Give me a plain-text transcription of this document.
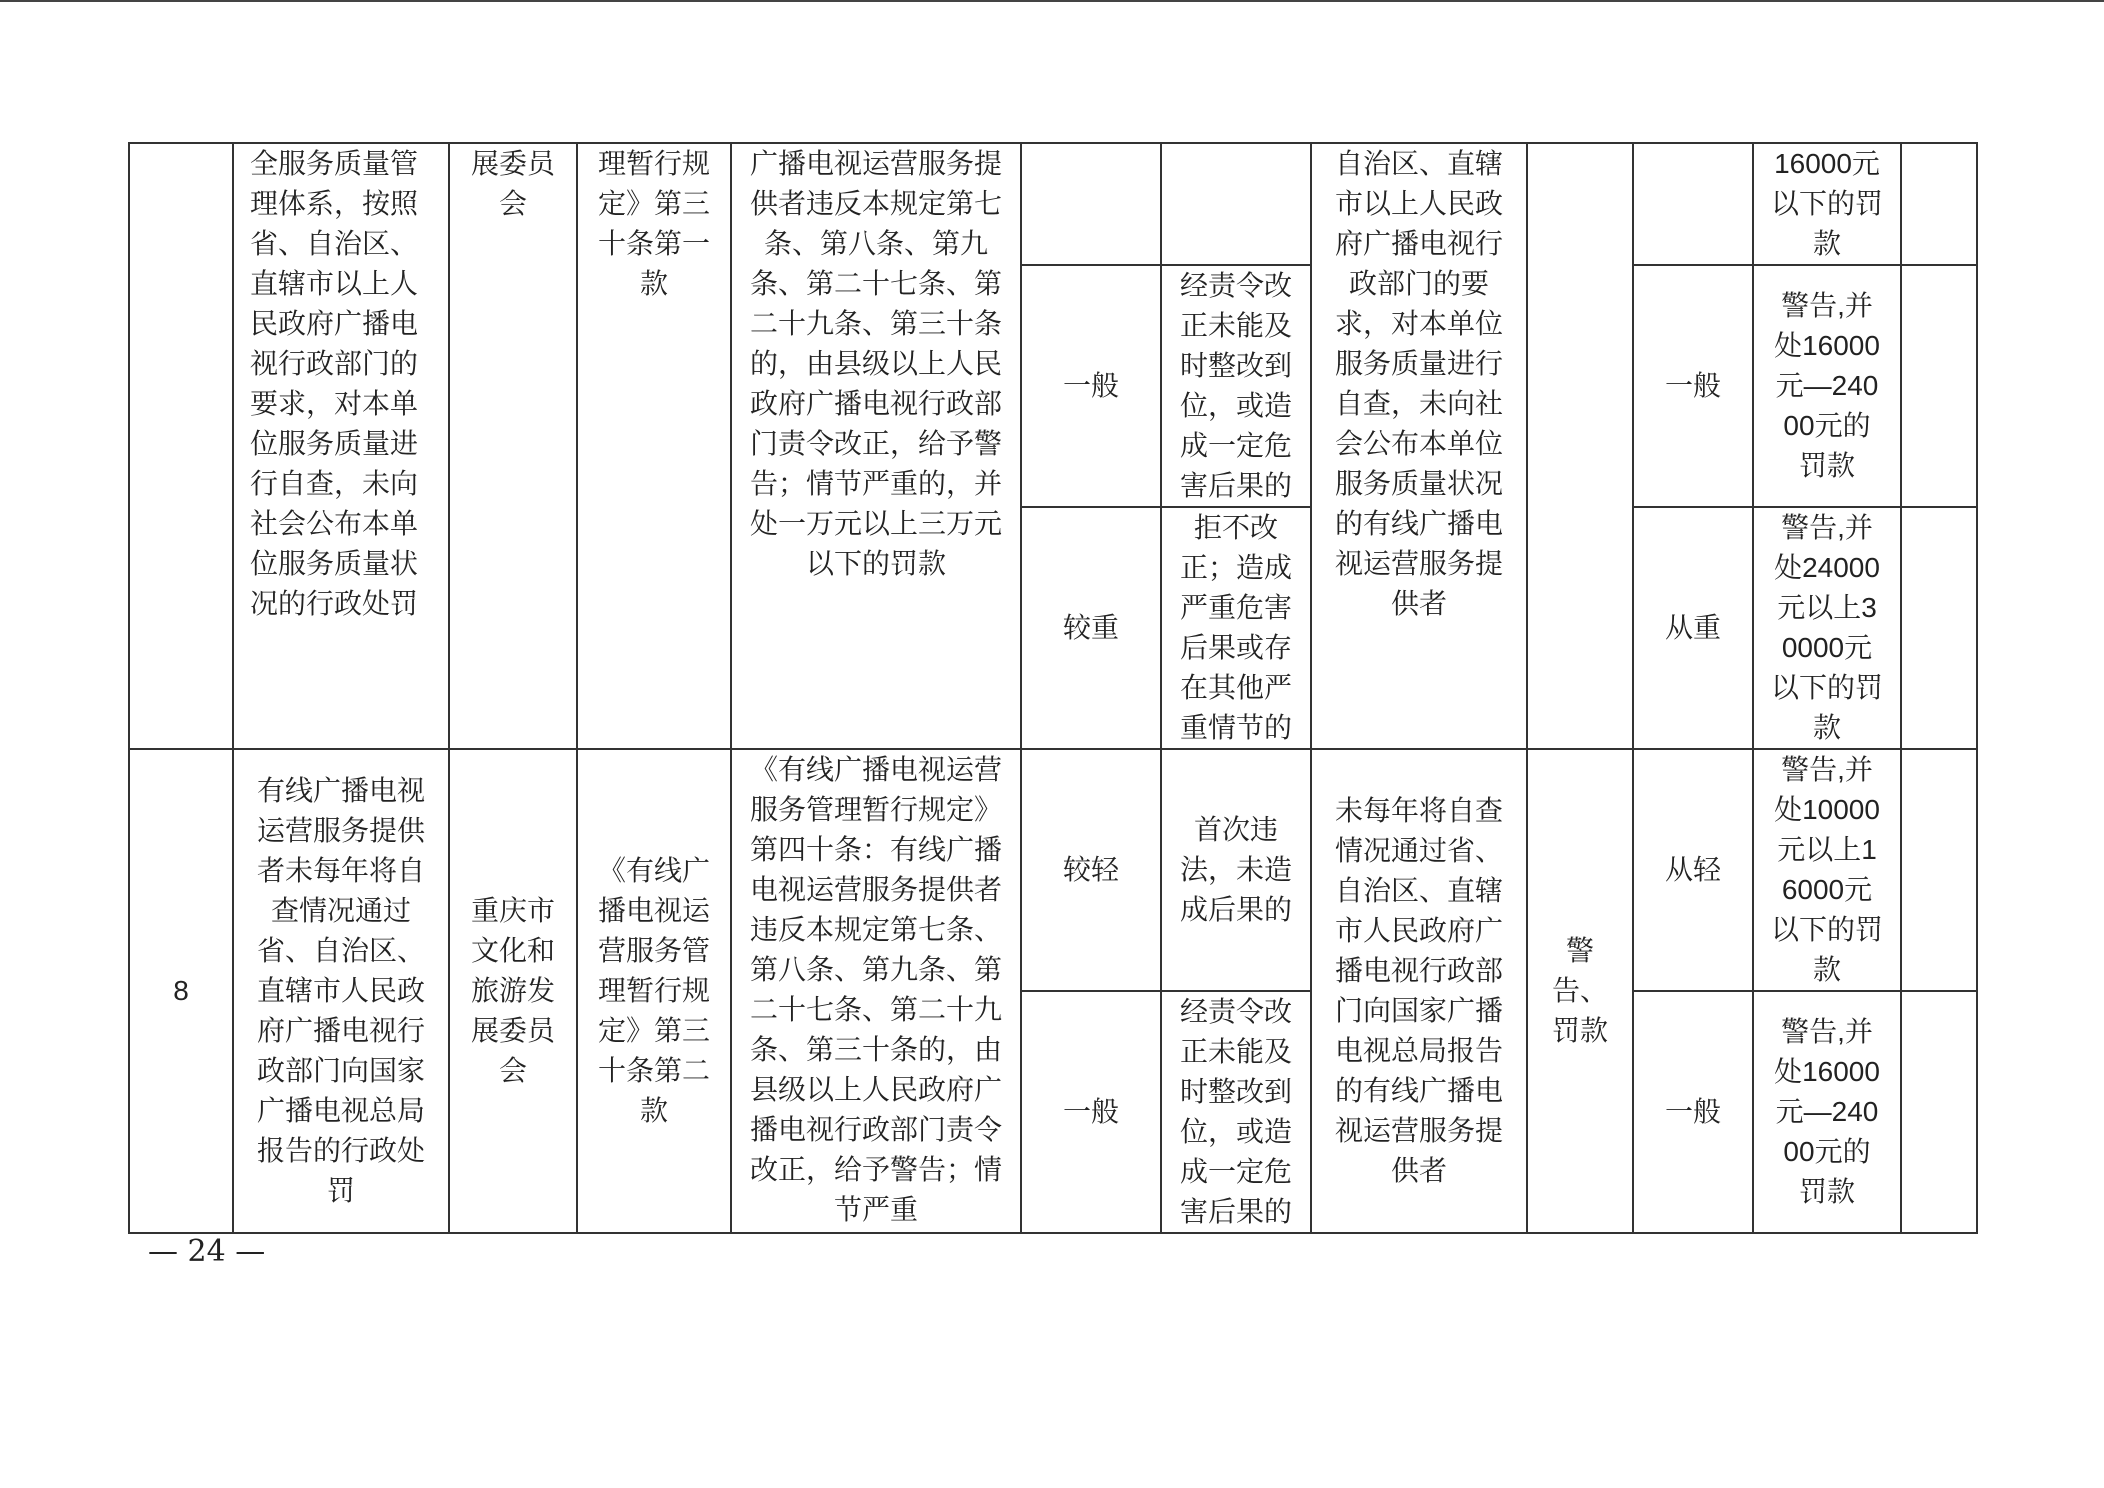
	全服务质量管理体系，按照省、自治区、直辖市以上人民政府广播电视行政部门的要求，对本单位服务质量进行自查，未向社会公布本单位服务质量状况的行政处罚	展委员会	理暂行规定》第三十条第一款	广播电视运营服务提供者违反本规定第七条、第八条、第九条、第二十七条、第二十九条、第三十条的，由县级以上人民政府广播电视行政部门责令改正，给予警告；情节严重的，并处一万元以上三万元以下的罚款			自治区、直辖市以上人民政府广播电视行政部门的要求，对本单位服务质量进行自查，未向社会公布本单位服务质量状况的有线广播电视运营服务提供者			16000元以下的罚款	
					一般	经责令改正未能及时整改到位，或造成一定危害后果的			一般	警告,并处16000元—24000元的罚款	
					较重	拒不改正；造成严重危害后果或存在其他严重情节的			从重	警告,并处24000元以上30000元以下的罚款	
8	有线广播电视运营服务提供者未每年将自查情况通过省、自治区、直辖市人民政府广播电视行政部门向国家广播电视总局报告的行政处罚	重庆市文化和旅游发展委员会	《有线广播电视运营服务管理暂行规定》第三十条第二款	《有线广播电视运营服务管理暂行规定》第四十条：有线广播电视运营服务提供者违反本规定第七条、第八条、第九条、第二十七条、第二十九条、第三十条的，由县级以上人民政府广播电视行政部门责令改正，给予警告；情节严重	较轻	首次违法，未造成后果的	未每年将自查情况通过省、自治区、直辖市人民政府广播电视行政部门向国家广播电视总局报告的有线广播电视运营服务提供者	警告、罚款	从轻	警告,并处10000元以上16000元以下的罚款	
					一般	经责令改正未能及时整改到位，或造成一定危害后果的			一般	警告,并处16000元—24000元的罚款	
— 24 —
